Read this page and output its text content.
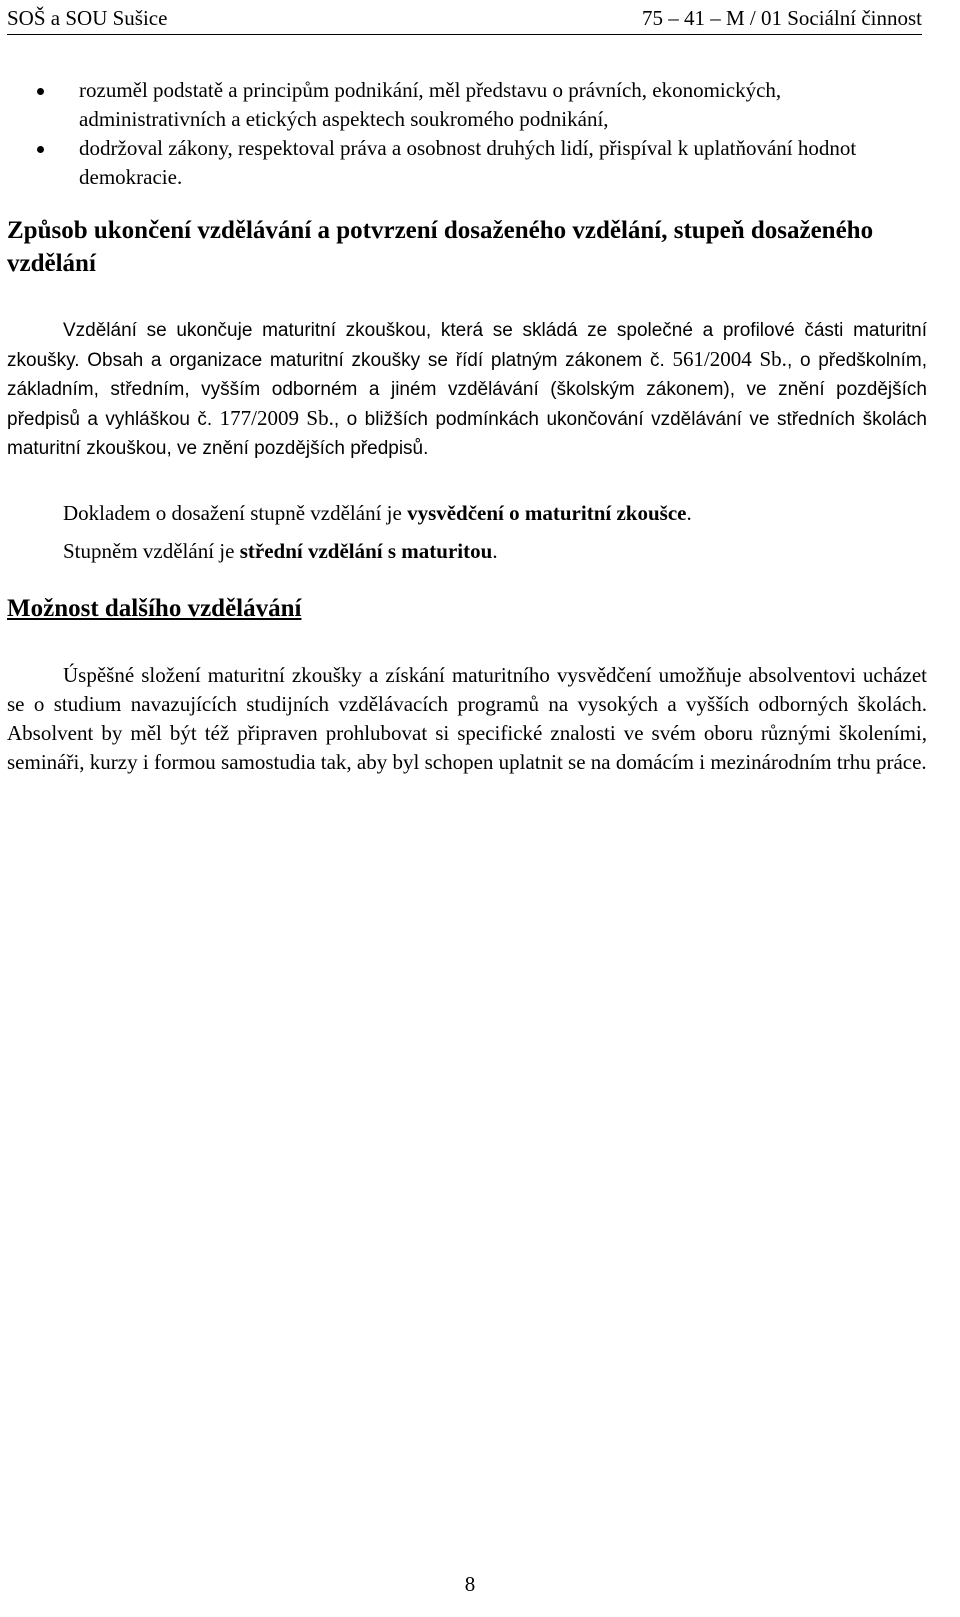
SOŠ a SOU Sušice	75 – 41 – M / 01 Sociální činnost
rozuměl podstatě a principům podnikání, měl představu o právních, ekonomických, administrativních a etických aspektech soukromého podnikání,
dodržoval zákony, respektoval práva a osobnost druhých lidí, přispíval k uplatňování hodnot demokracie.
Způsob ukončení vzdělávání a potvrzení dosaženého vzdělání, stupeň dosaženého vzdělání

Vzdělání se ukončuje maturitní zkouškou, která se skládá ze společné a profilové části maturitní zkoušky. Obsah a organizace maturitní zkoušky se řídí platným zákonem č. 561/2004 Sb., o předškolním, základním, středním, vyšším odborném a jiném vzdělávání (školským zákonem), ve znění pozdějších předpisů a vyhláškou č. 177/2009 Sb., o bližších podmínkách ukončování vzdělávání ve středních školách maturitní zkouškou, ve znění pozdějších předpisů.

Dokladem o dosažení stupně vzdělání je vysvědčení o maturitní zkoušce.

Stupněm vzdělání je střední vzdělání s maturitou.

Možnost dalšího vzdělávání

Úspěšné složení maturitní zkoušky a získání maturitního vysvědčení umožňuje absolventovi ucházet se o studium navazujících studijních vzdělávacích programů na vysokých a vyšších odborných školách. Absolvent by měl být též připraven prohlubovat si specifické znalosti ve svém oboru různými školeními, semináři, kurzy i formou samostudia tak, aby byl schopen uplatnit se na domácím i mezinárodním trhu práce.

8
